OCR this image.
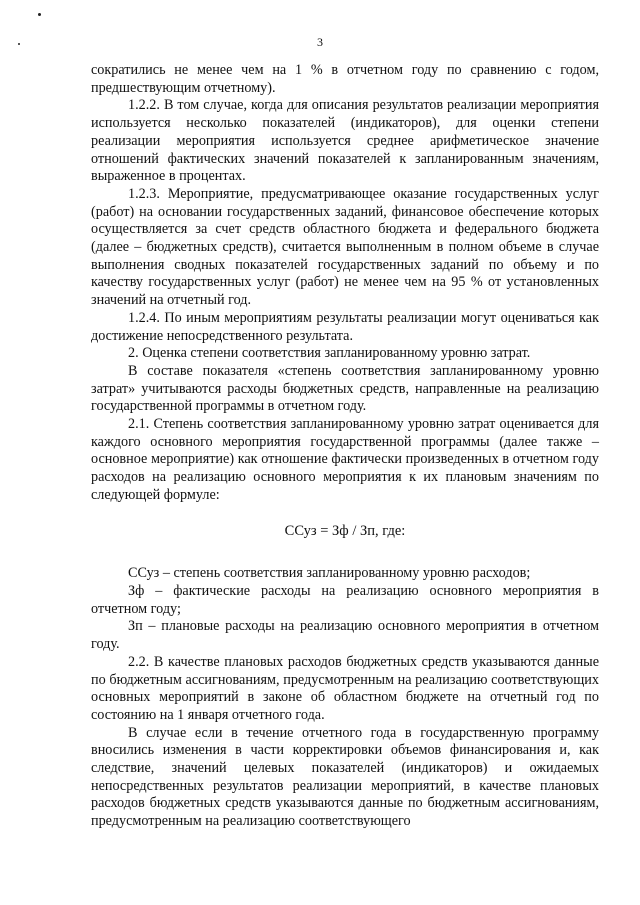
3

сократились не менее чем на 1 % в отчетном году по сравнению с годом, предшествующим отчетному).

1.2.2. В том случае, когда для описания результатов реализации мероприятия используется несколько показателей (индикаторов), для оценки степени реализации мероприятия используется среднее арифметическое значение отношений фактических значений показателей к запланированным значениям, выраженное в процентах.

1.2.3. Мероприятие, предусматривающее оказание государственных услуг (работ) на основании государственных заданий, финансовое обеспечение которых осуществляется за счет средств областного бюджета и федерального бюджета (далее – бюджетных средств), считается выполненным в полном объеме в случае выполнения сводных показателей государственных заданий по объему и по качеству государственных услуг (работ) не менее чем на 95 % от установленных значений на отчетный год.

1.2.4. По иным мероприятиям результаты реализации могут оцениваться как достижение непосредственного результата.

2. Оценка степени соответствия запланированному уровню затрат.

В составе показателя «степень соответствия запланированному уровню затрат» учитываются расходы бюджетных средств, направленные на реализацию государственной программы в отчетном году.

2.1. Степень соответствия запланированному уровню затрат оценивается для каждого основного мероприятия государственной программы (далее также – основное мероприятие) как отношение фактически произведенных в отчетном году расходов на реализацию основного мероприятия к их плановым значениям по следующей формуле:

ССуз = Зф / Зп, где:

ССуз – степень соответствия запланированному уровню расходов;

Зф – фактические расходы на реализацию основного мероприятия в отчетном году;

Зп – плановые расходы на реализацию основного мероприятия в отчетном году.

2.2. В качестве плановых расходов бюджетных средств указываются данные по бюджетным ассигнованиям, предусмотренным на реализацию соответствующих основных мероприятий в законе об областном бюджете на отчетный год по состоянию на 1 января отчетного года.

В случае если в течение отчетного года в государственную программу вносились изменения в части корректировки объемов финансирования и, как следствие, значений целевых показателей (индикаторов) и ожидаемых непосредственных результатов реализации мероприятий, в качестве плановых расходов бюджетных средств указываются данные по бюджетным ассигнованиям, предусмотренным на реализацию соответствующего
